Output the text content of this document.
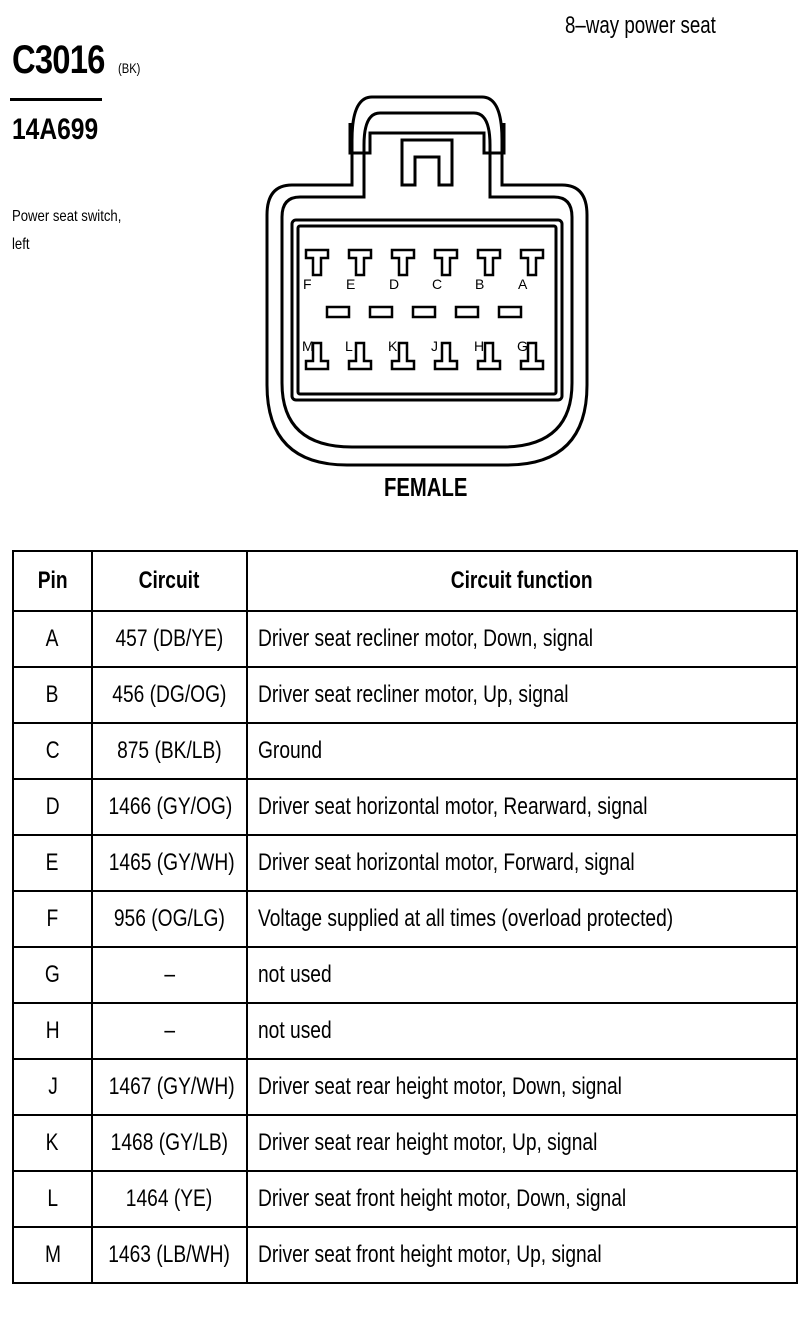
C3016 (BK)
14A699
Power seat switch,
left
8–way power seat
F E D C B A
M L	K J	H G
FEMALE
Pin	Circuit	Circuit function
A	457 (DB/YE)	Driver seat recliner motor, Down, signal
B	456 (DG/OG)	Driver seat recliner motor, Up, signal
C	875 (BK/LB)	Ground
D	1466 (GY/OG)	Driver seat horizontal motor, Rearward, signal
E	1465 (GY/WH)	Driver seat horizontal motor, Forward, signal
F	956 (OG/LG)	Voltage supplied at all times (overload protected)
G	–	not used
H	–	not used
J	1467 (GY/WH)	Driver seat rear height motor, Down, signal
K	1468 (GY/LB)	Driver seat rear height motor, Up, signal
L	1464 (YE)	Driver seat front height motor, Down, signal
M	1463 (LB/WH)	Driver seat front height motor, Up, signal
